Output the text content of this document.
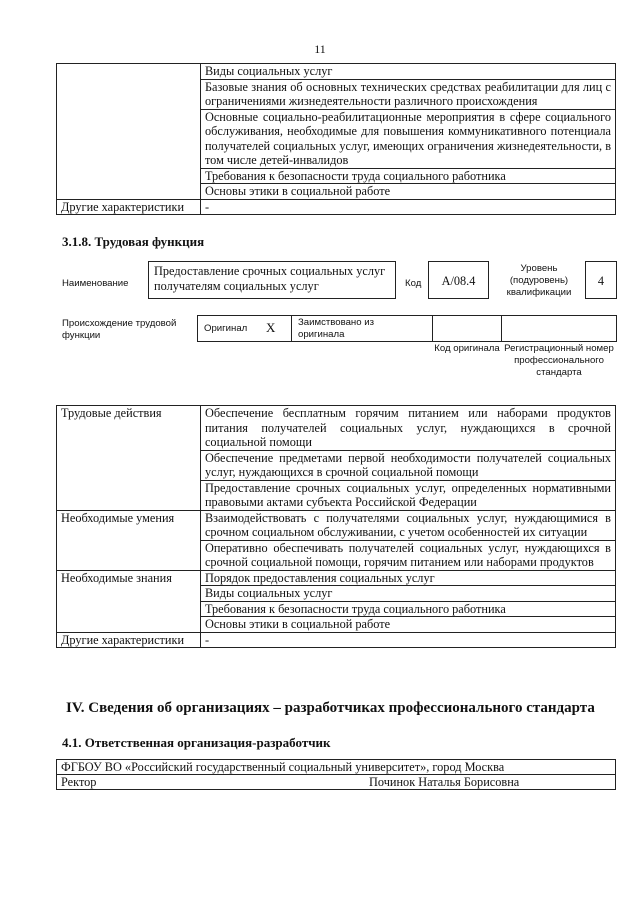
11
	Виды социальных услуг
	Базовые знания об основных технических средствах реабилитации для лиц с ограничениями жизнедеятельности различного происхождения
	Основные социально-реабилитационные мероприятия в сфере социального обслуживания, необходимые для повышения коммуникативного потенциала получателей социальных услуг, имеющих ограничения жизнедеятельности, в том числе детей-инвалидов
	Требования к безопасности труда социального работника
	Основы этики в социальной работе
Другие характеристики	-
3.1.8. Трудовая функция
Наименование
Предоставление срочных социальных услуг получателям социальных услуг	Код	A/08.4
Уровень (подуровень) квалификации
4
Происхождение трудовой функции
Оригинал X Заимствовано из оригинала
Код оригинала Регистрационный номер профессионального стандарта
Трудовые действия	Обеспечение бесплатным горячим питанием или наборами продуктов питания получателей социальных услуг, нуждающихся в срочной социальной помощи
	Обеспечение предметами первой необходимости получателей социальных услуг, нуждающихся в срочной социальной помощи
	Предоставление срочных социальных услуг, определенных нормативными правовыми актами субъекта Российской Федерации
Необходимые умения	Взаимодействовать с получателями социальных услуг, нуждающимися в срочном социальном обслуживании, с учетом особенностей их ситуации
	Оперативно обеспечивать получателей социальных услуг, нуждающихся в срочной социальной помощи, горячим питанием или наборами продуктов
Необходимые знания	Порядок предоставления социальных услуг
	Виды социальных услуг
	Требования к безопасности труда социального работника
	Основы этики в социальной работе
Другие характеристики	-
IV. Сведения об организациях – разработчиках профессионального стандарта
4.1. Ответственная организация-разработчик
ФГБОУ ВО «Российский государственный социальный университет», город Москва
Ректор	Починок Наталья Борисовна
